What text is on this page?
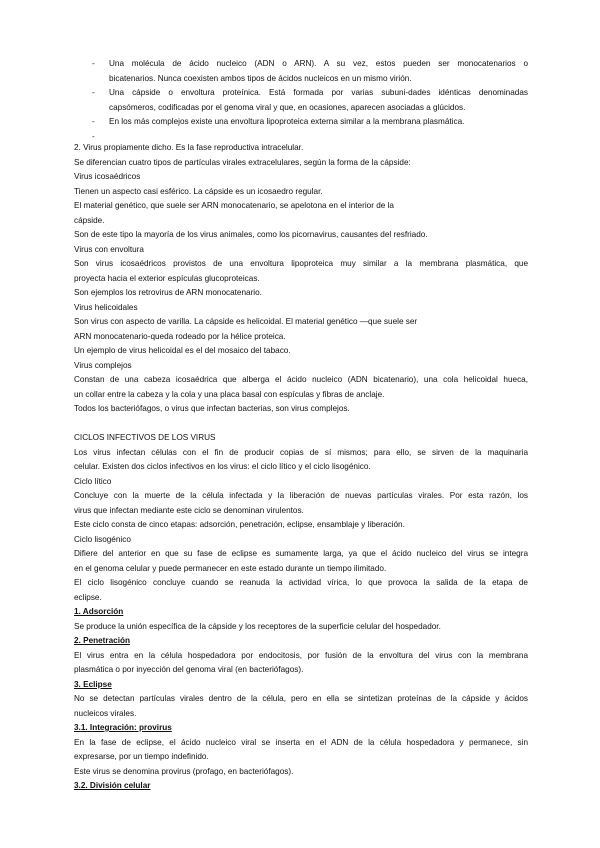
- Una molécula de ácido nucleico (ADN o ARN). A su vez, estos pueden ser monocatenarios o
bicatenarios. Nunca coexisten ambos tipos de ácidos nucleicos en un mismo virión.
- Una cápside o envoltura proteínica. Está formada por varias subuni-dades idénticas denominadas
capsómeros, codificadas por el genoma viral y que, en ocasiones, aparecen asociadas a glúcidos.
- En los más complejos existe una envoltura lipoproteica externa similar a la membrana plasmática.
-
2. Virus propiamente dicho. Es la fase reproductiva intracelular.
Se diferencian cuatro tipos de partículas virales extracelulares, según la forma de la cápside:
Virus icosaédricos
Tienen un aspecto casi esférico. La cápside es un icosaedro regular.
El material genético, que suele ser ARN monocatenario, se apelotona en el interior de la
cápside.
Son de este tipo la mayoría de los virus animales, como los picornavirus, causantes del resfriado.
Virus con envoltura
Son virus icosaédricos provistos de una envoltura lipoproteica muy similar a la membrana plasmática, que
proyecta hacia el exterior espículas glucoproteicas.
Son ejemplos los retrovirus de ARN monocatenario.
Virus helicoidales
Son virus con aspecto de varilla. La cápside es helicoidal. El material genético —que suele ser
ARN monocatenario-queda rodeado por la hélice proteica.
Un ejemplo de virus helicoidal es el del mosaico del tabaco.
Virus complejos
Constan de una cabeza icosaédrica que alberga el ácido nucleico (ADN bicatenario), una cola helicoidal hueca,
un collar entre la cabeza y la cola y una placa basal con espículas y fibras de anclaje.
Todos los bacteriófagos, o virus que infectan bacterias, son virus complejos.
CICLOS INFECTIVOS DE LOS VIRUS
Los virus infectan células con el fin de producir copias de sí mismos; para ello, se sirven de la maquinaria
celular. Existen dos ciclos infectivos en los virus: el ciclo lítico y el ciclo lisogénico.
Ciclo lítico
Concluye con la muerte de la célula infectada y la liberación de nuevas partículas virales. Por esta razón, los
virus que infectan mediante este ciclo se denominan virulentos.
Este ciclo consta de cinco etapas: adsorción, penetración, eclipse, ensamblaje y liberación.
Ciclo lisogénico
Difiere del anterior en que su fase de eclipse es sumamente larga, ya que el ácido nucleico del virus se integra
en el genoma celular y puede permanecer en este estado durante un tiempo ilimitado.
El ciclo lisogénico concluye cuando se reanuda la actividad vírica, lo que provoca la salida de la etapa de
eclipse.
1. Adsorción
Se produce la unión específica de la cápside y los receptores de la superficie celular del hospedador.
2. Penetración
El virus entra en la célula hospedadora por endocitosis, por fusión de la envoltura del virus con la membrana
plasmática o por inyección del genoma viral (en bacteriófagos).
3. Eclipse
No se detectan partículas virales dentro de la célula, pero en ella se sintetizan proteínas de la cápside y ácidos
nucleicos virales.
3.1. Integración: provirus
En la fase de eclipse, el ácido nucleico viral se inserta en el ADN de la célula hospedadora y permanece, sin
expresarse, por un tiempo indefinido.
Este virus se denomina provirus (profago, en bacteriófagos).
3.2. División celular
